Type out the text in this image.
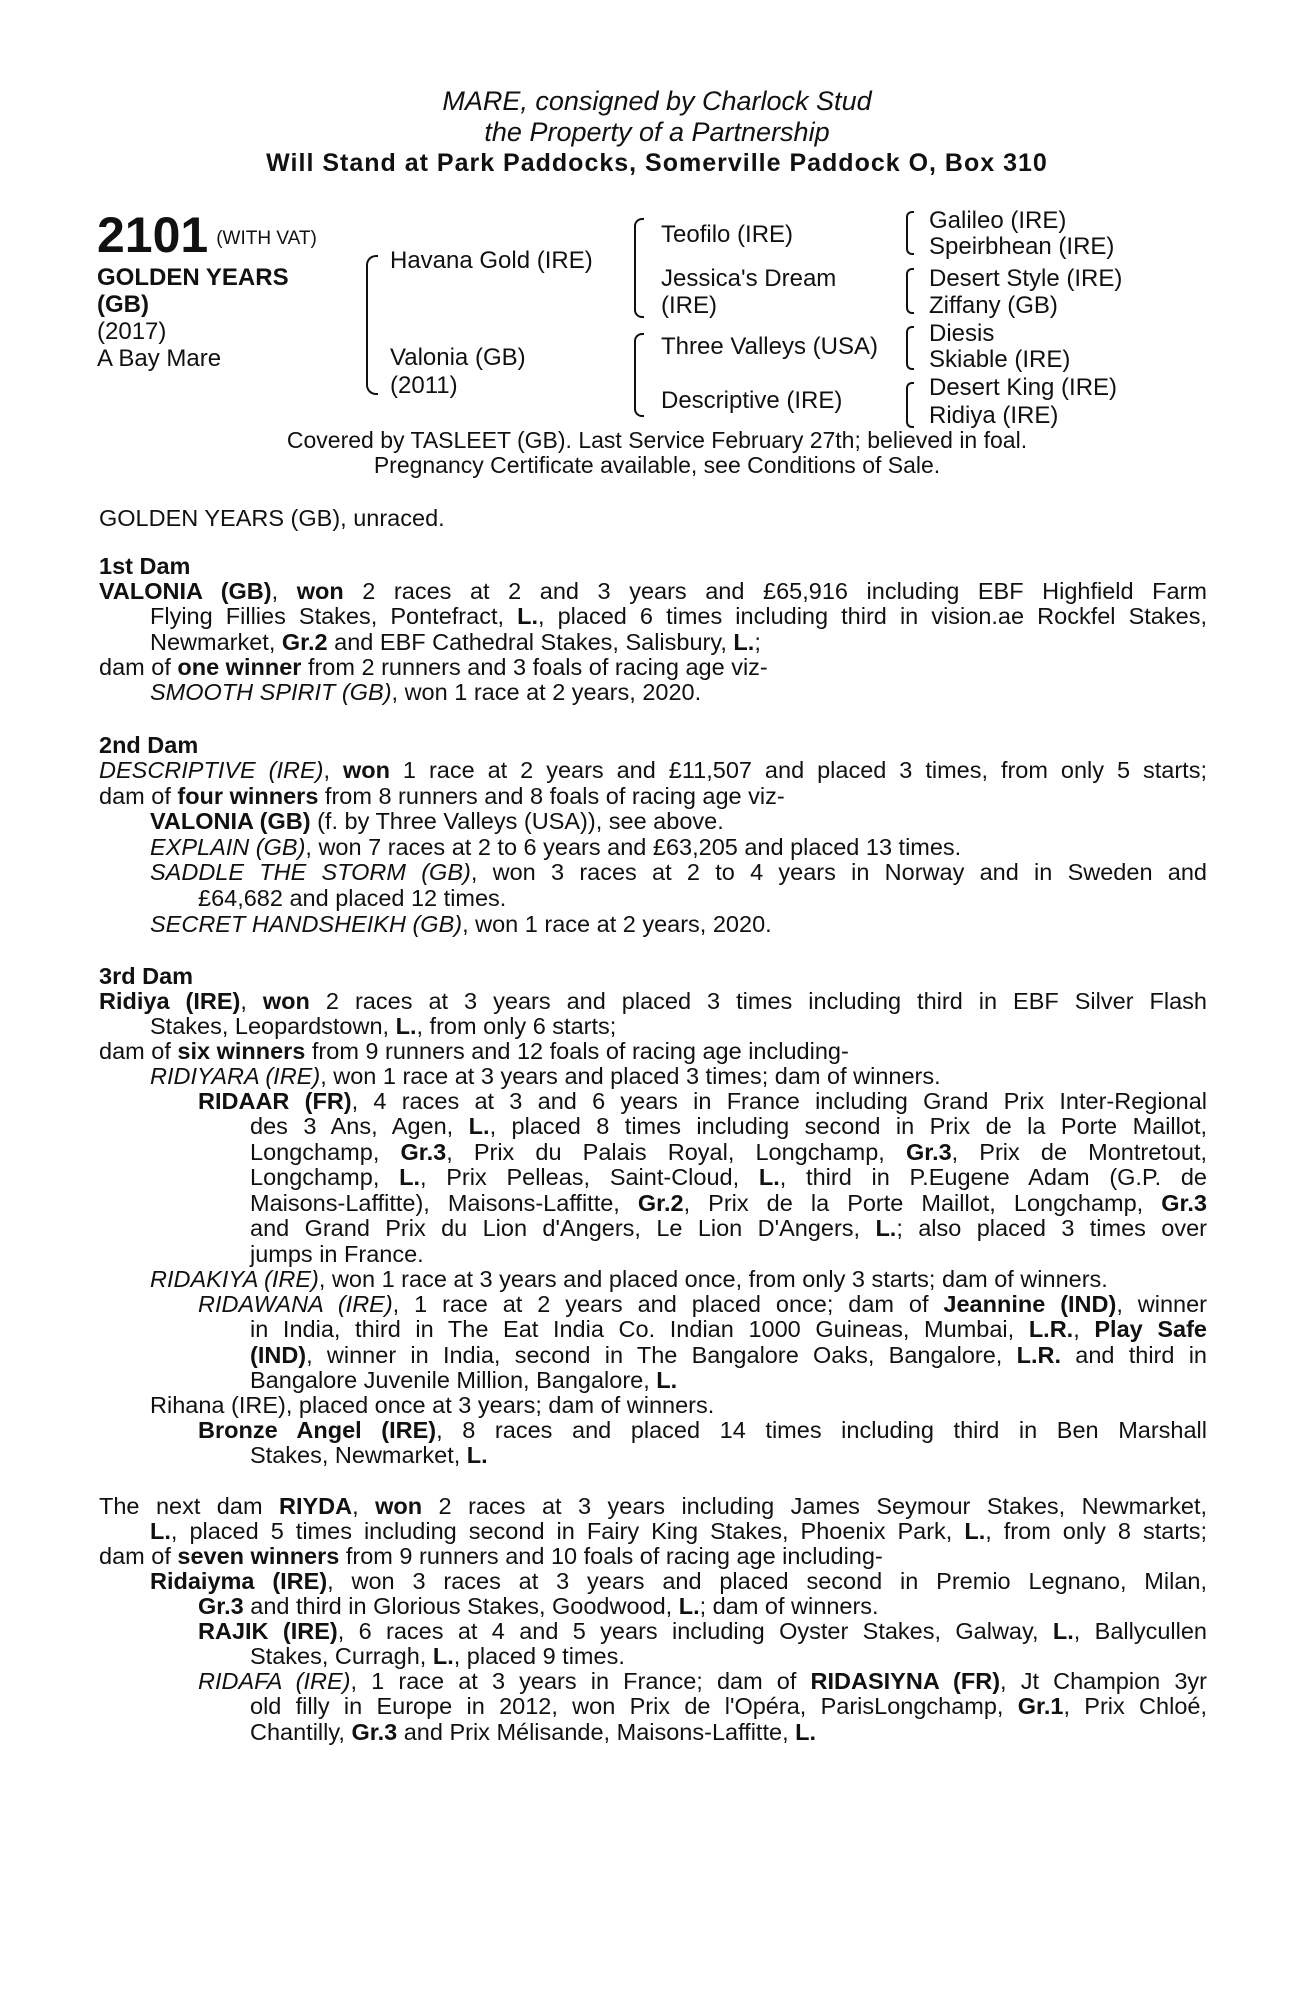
MARE, consigned by Charlock Stud
the Property of a Partnership
Will Stand at Park Paddocks, Somerville Paddock O, Box 310
2101 (WITH VAT)
GOLDEN YEARS
(GB)
(2017)
A Bay Mare
Havana Gold (IRE)
Valonia (GB)
(2011)
Teofilo (IRE)
Jessica's Dream
(IRE)
Three Valleys (USA)
Descriptive (IRE)
Galileo (IRE)
Speirbhean (IRE)
Desert Style (IRE)
Ziffany (GB)
Diesis
Skiable (IRE)
Desert King (IRE)
Ridiya (IRE)
Covered by TASLEET (GB). Last Service February 27th; believed in foal.
Pregnancy Certificate available, see Conditions of Sale.
GOLDEN YEARS (GB), unraced.
1st Dam
VALONIA (GB), won 2 races at 2 and 3 years and £65,916 including EBF Highfield Farm
Flying Fillies Stakes, Pontefract, L., placed 6 times including third in vision.ae Rockfel Stakes,
Newmarket, Gr.2 and EBF Cathedral Stakes, Salisbury, L.;
dam of one winner from 2 runners and 3 foals of racing age viz-
SMOOTH SPIRIT (GB), won 1 race at 2 years, 2020.
2nd Dam
DESCRIPTIVE (IRE), won 1 race at 2 years and £11,507 and placed 3 times, from only 5 starts;
dam of four winners from 8 runners and 8 foals of racing age viz-
VALONIA (GB) (f. by Three Valleys (USA)), see above.
EXPLAIN (GB), won 7 races at 2 to 6 years and £63,205 and placed 13 times.
SADDLE THE STORM (GB), won 3 races at 2 to 4 years in Norway and in Sweden and
£64,682 and placed 12 times.
SECRET HANDSHEIKH (GB), won 1 race at 2 years, 2020.
3rd Dam
Ridiya (IRE), won 2 races at 3 years and placed 3 times including third in EBF Silver Flash
Stakes, Leopardstown, L., from only 6 starts;
dam of six winners from 9 runners and 12 foals of racing age including-
RIDIYARA (IRE), won 1 race at 3 years and placed 3 times; dam of winners.
RIDAAR (FR), 4 races at 3 and 6 years in France including Grand Prix Inter-Regional
des 3 Ans, Agen, L., placed 8 times including second in Prix de la Porte Maillot,
Longchamp, Gr.3, Prix du Palais Royal, Longchamp, Gr.3, Prix de Montretout,
Longchamp, L., Prix Pelleas, Saint-Cloud, L., third in P.Eugene Adam (G.P. de
Maisons-Laffitte), Maisons-Laffitte, Gr.2, Prix de la Porte Maillot, Longchamp, Gr.3
and Grand Prix du Lion d'Angers, Le Lion D'Angers, L.; also placed 3 times over
jumps in France.
RIDAKIYA (IRE), won 1 race at 3 years and placed once, from only 3 starts; dam of winners.
RIDAWANA (IRE), 1 race at 2 years and placed once; dam of Jeannine (IND), winner
in India, third in The Eat India Co. Indian 1000 Guineas, Mumbai, L.R., Play Safe
(IND), winner in India, second in The Bangalore Oaks, Bangalore, L.R. and third in
Bangalore Juvenile Million, Bangalore, L.
Rihana (IRE), placed once at 3 years; dam of winners.
Bronze Angel (IRE), 8 races and placed 14 times including third in Ben Marshall
Stakes, Newmarket, L.
The next dam RIYDA, won 2 races at 3 years including James Seymour Stakes, Newmarket,
L., placed 5 times including second in Fairy King Stakes, Phoenix Park, L., from only 8 starts;
dam of seven winners from 9 runners and 10 foals of racing age including-
Ridaiyma (IRE), won 3 races at 3 years and placed second in Premio Legnano, Milan,
Gr.3 and third in Glorious Stakes, Goodwood, L.; dam of winners.
RAJIK (IRE), 6 races at 4 and 5 years including Oyster Stakes, Galway, L., Ballycullen
Stakes, Curragh, L., placed 9 times.
RIDAFA (IRE), 1 race at 3 years in France; dam of RIDASIYNA (FR), Jt Champion 3yr
old filly in Europe in 2012, won Prix de l'Opéra, ParisLongchamp, Gr.1, Prix Chloé,
Chantilly, Gr.3 and Prix Mélisande, Maisons-Laffitte, L.
